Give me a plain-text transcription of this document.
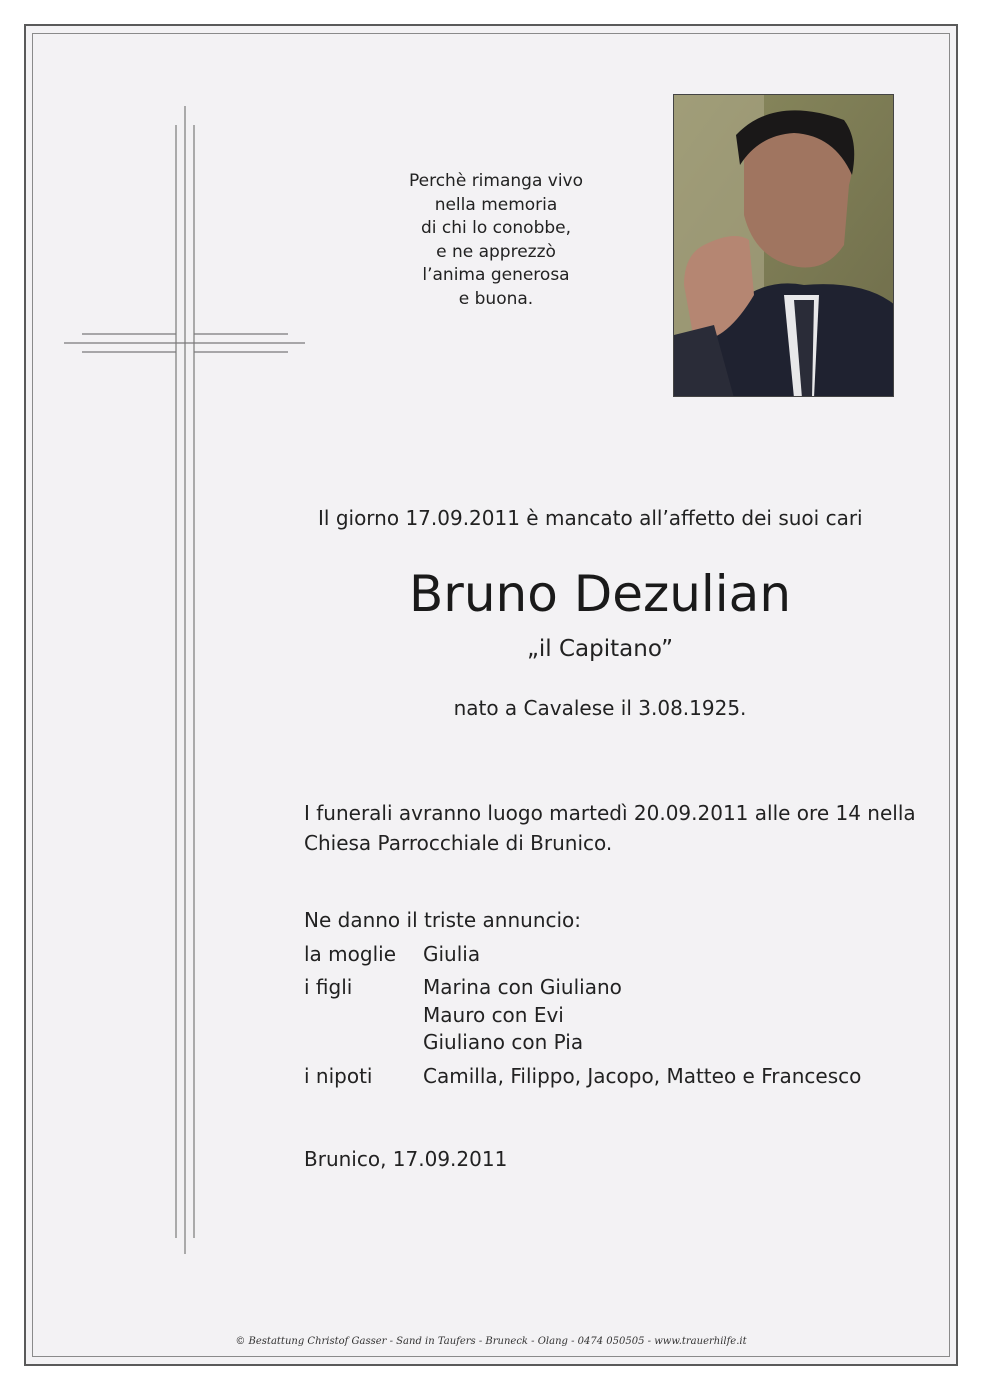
Perchè rimanga vivo
nella memoria
di chi lo conobbe,
e ne apprezzò
l’anima generosa
e buona.
Il giorno 17.09.2011 è mancato all’affetto dei suoi cari
Bruno Dezulian
„il Capitano”
nato a Cavalese il 3.08.1925.
I funerali avranno luogo martedì 20.09.2011 alle ore 14 nella
Chiesa Parrocchiale di Brunico.
Ne danno il triste annuncio:
la moglie Giulia
i figli	Marina con Giuliano
Mauro con Evi
Giuliano con Pia
i nipoti	Camilla, Filippo, Jacopo, Matteo e Francesco
Brunico, 17.09.2011
© Bestattung Christof Gasser - Sand in Taufers - Bruneck - Olang - 0474 050505 - www.trauerhilfe.it
